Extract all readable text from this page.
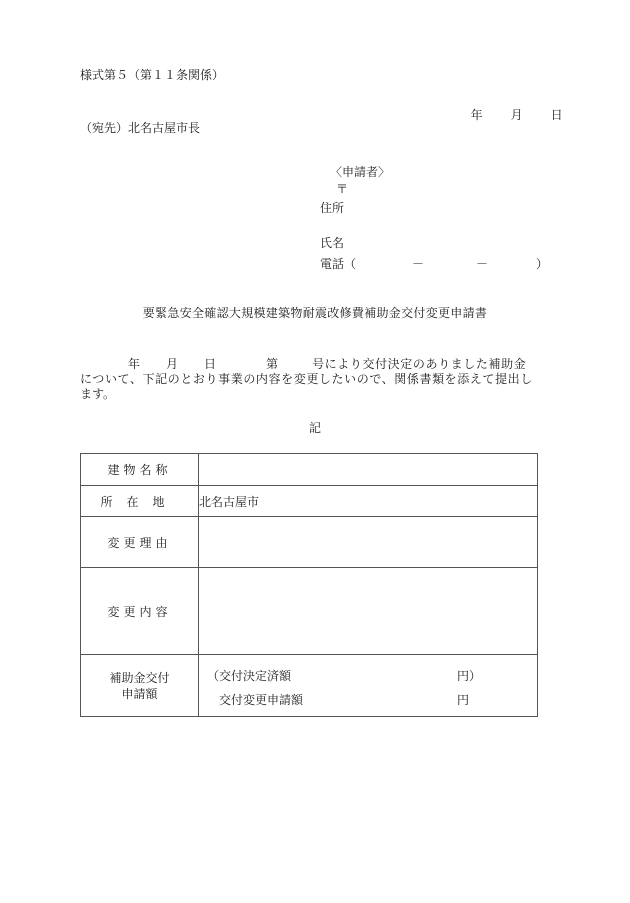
様式第５（第１１条関係）

年 月 日

（宛先）北名古屋市長

〈申請者〉

〒

住所

氏名

電話（

	－

	－

	）

要緊急安全確認大規模建築物耐震改修費補助金交付変更申請書
年 月 日	第	号により交付決定のありました補助金
について、下記のとおり事業の内容を変更したいので、関係書類を添えて提出し
ます。
記
建物名称	
所在地	北名古屋市
変更理由	
変更内容	

補助金交付
申請額

（交付決定済額	円）
交付変更申請額	円
